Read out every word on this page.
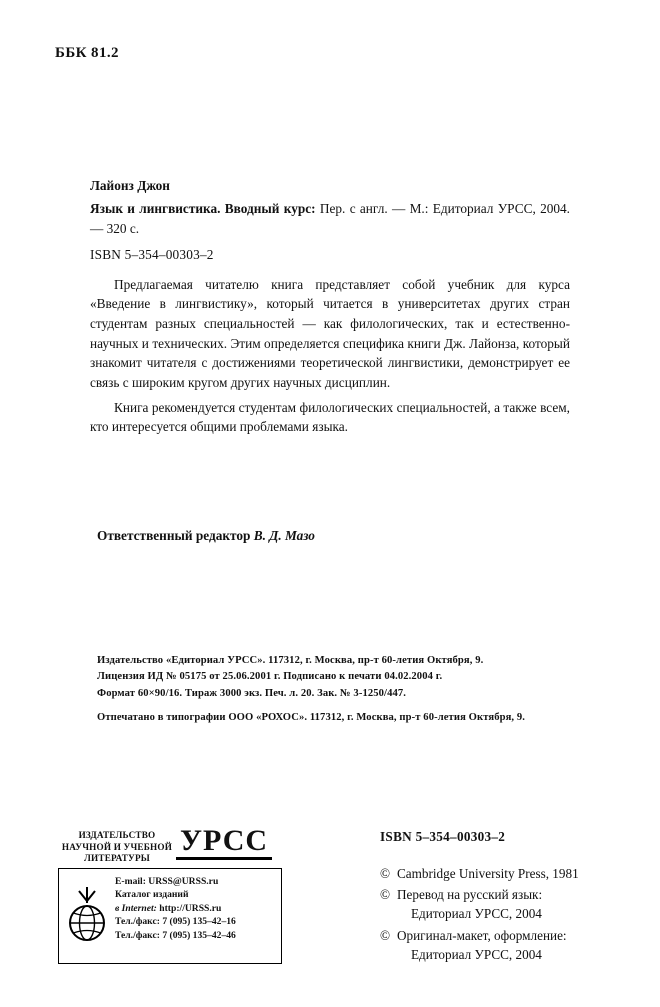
ББК 81.2
Лайонз Джон
Язык и лингвистика. Вводный курс: Пер. с англ. — М.: Едиториал УРСС, 2004. — 320 с.
ISBN 5–354–00303–2

Предлагаемая читателю книга представляет собой учебник для курса «Введение в лингвистику», который читается в университетах других стран студентам разных специальностей — как филологических, так и естественно-научных и технических. Этим определяется специфика книги Дж. Лайонза, который знакомит читателя с достижениями теоретической лингвистики, демонстрирует ее связь с широким кругом других научных дисциплин.

Книга рекомендуется студентам филологических специальностей, а также всем, кто интересуется общими проблемами языка.

Ответственный редактор В. Д. Мазо
Издательство «Едиториал УРСС». 117312, г. Москва, пр-т 60-летия Октября, 9.
Лицензия ИД № 05175 от 25.06.2001 г. Подписано к печати 04.02.2004 г.
Формат 60×90/16. Тираж 3000 экз. Печ. л. 20. Зак. № 3-1250/447.
Отпечатано в типографии ООО «РОХОС». 117312, г. Москва, пр-т 60-летия Октября, 9.
ИЗДАТЕЛЬСТВО
НАУЧНОЙ И УЧЕБНОЙ ЛИТЕРАТУРЫ
УРСС
E-mail: URSS@URSS.ru
Каталог изданий
в Internet: http://URSS.ru
Тел./факс: 7 (095) 135–42–16
Тел./факс: 7 (095) 135–42–46
ISBN 5–354–00303–2
© Cambridge University Press, 1981
© Перевод на русский язык:
Едиториал УРСС, 2004
© Оригинал-макет, оформление:
Едиториал УРСС, 2004
